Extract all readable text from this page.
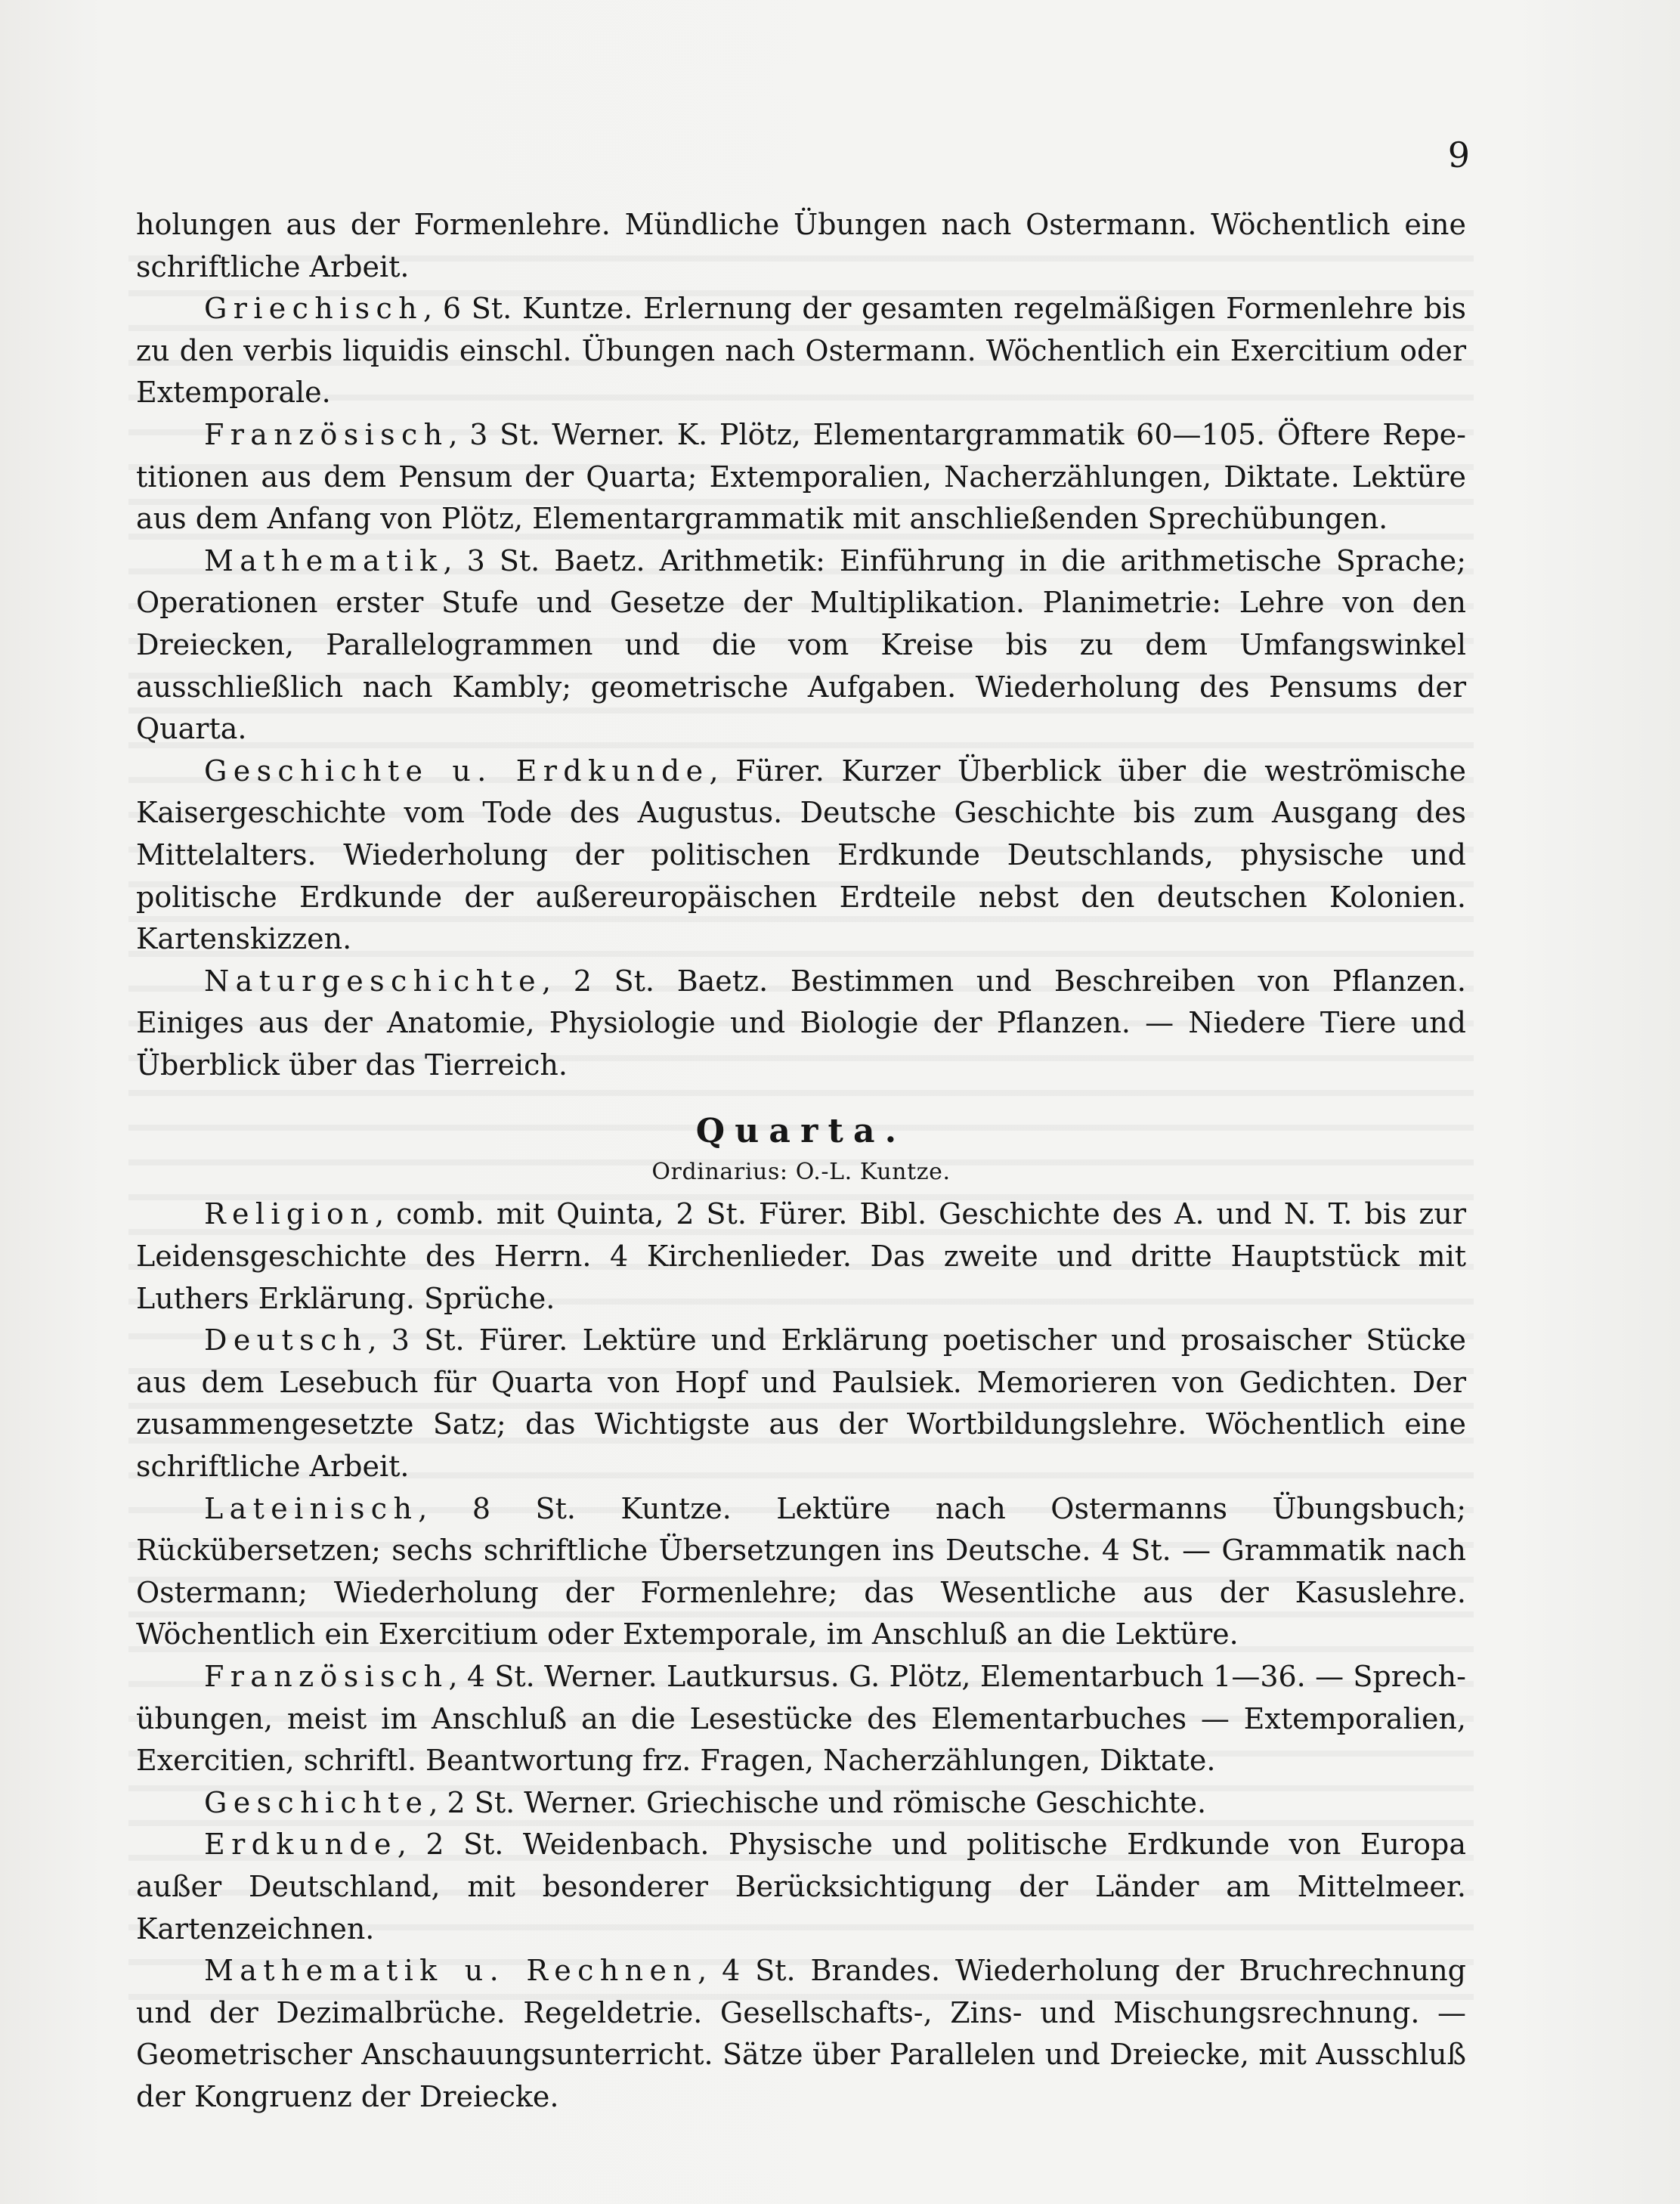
9

holungen aus der Formenlehre. Mündliche Übungen nach Ostermann. Wöchentlich eine schriftliche Arbeit.

Griechisch, 6 St. Kuntze. Erlernung der gesamten regelmäßigen Formenlehre bis zu den verbis liquidis einschl. Übungen nach Ostermann. Wöchentlich ein Exercitium oder Extemporale.

Französisch, 3 St. Werner. K. Plötz, Elementargrammatik 60—105. Öftere Repetitionen aus dem Pensum der Quarta; Extemporalien, Nacherzählungen, Diktate. Lektüre aus dem Anfang von Plötz, Elementargrammatik mit anschließenden Sprechübungen.

Mathematik, 3 St. Baetz. Arithmetik: Einführung in die arithmetische Sprache; Operationen erster Stufe und Gesetze der Multiplikation. Planimetrie: Lehre von den Dreiecken, Parallelogrammen und die vom Kreise bis zu dem Umfangswinkel ausschließlich nach Kambly; geometrische Aufgaben. Wiederholung des Pensums der Quarta.

Geschichte u. Erdkunde, Fürer. Kurzer Überblick über die weströmische Kaisergeschichte vom Tode des Augustus. Deutsche Geschichte bis zum Ausgang des Mittelalters. Wiederholung der politischen Erdkunde Deutschlands, physische und politische Erdkunde der außereuropäischen Erdteile nebst den deutschen Kolonien. Kartenskizzen.

Naturgeschichte, 2 St. Baetz. Bestimmen und Beschreiben von Pflanzen. Einiges aus der Anatomie, Physiologie und Biologie der Pflanzen. — Niedere Tiere und Überblick über das Tierreich.

Quarta.
Ordinarius: O.-L. Kuntze.

Religion, comb. mit Quinta, 2 St. Fürer. Bibl. Geschichte des A. und N. T. bis zur Leidensgeschichte des Herrn. 4 Kirchenlieder. Das zweite und dritte Hauptstück mit Luthers Erklärung. Sprüche.

Deutsch, 3 St. Fürer. Lektüre und Erklärung poetischer und prosaischer Stücke aus dem Lesebuch für Quarta von Hopf und Paulsiek. Memorieren von Gedichten. Der zusammengesetzte Satz; das Wichtigste aus der Wortbildungslehre. Wöchentlich eine schriftliche Arbeit.

Lateinisch, 8 St. Kuntze. Lektüre nach Ostermanns Übungsbuch; Rückübersetzen; sechs schriftliche Übersetzungen ins Deutsche. 4 St. — Grammatik nach Ostermann; Wiederholung der Formenlehre; das Wesentliche aus der Kasuslehre. Wöchentlich ein Exercitium oder Extemporale, im Anschluß an die Lektüre.

Französisch, 4 St. Werner. Lautkursus. G. Plötz, Elementarbuch 1—36. — Sprechübungen, meist im Anschluß an die Lesestücke des Elementarbuches — Extemporalien, Exercitien, schriftl. Beantwortung frz. Fragen, Nacherzählungen, Diktate.

Geschichte, 2 St. Werner. Griechische und römische Geschichte.

Erdkunde, 2 St. Weidenbach. Physische und politische Erdkunde von Europa außer Deutschland, mit besonderer Berücksichtigung der Länder am Mittelmeer. Kartenzeichnen.

Mathematik u. Rechnen, 4 St. Brandes. Wiederholung der Bruchrechnung und der Dezimalbrüche. Regeldetrie. Gesellschafts-, Zins- und Mischungsrechnung. — Geometrischer Anschauungsunterricht. Sätze über Parallelen und Dreiecke, mit Ausschluß der Kongruenz der Dreiecke.
